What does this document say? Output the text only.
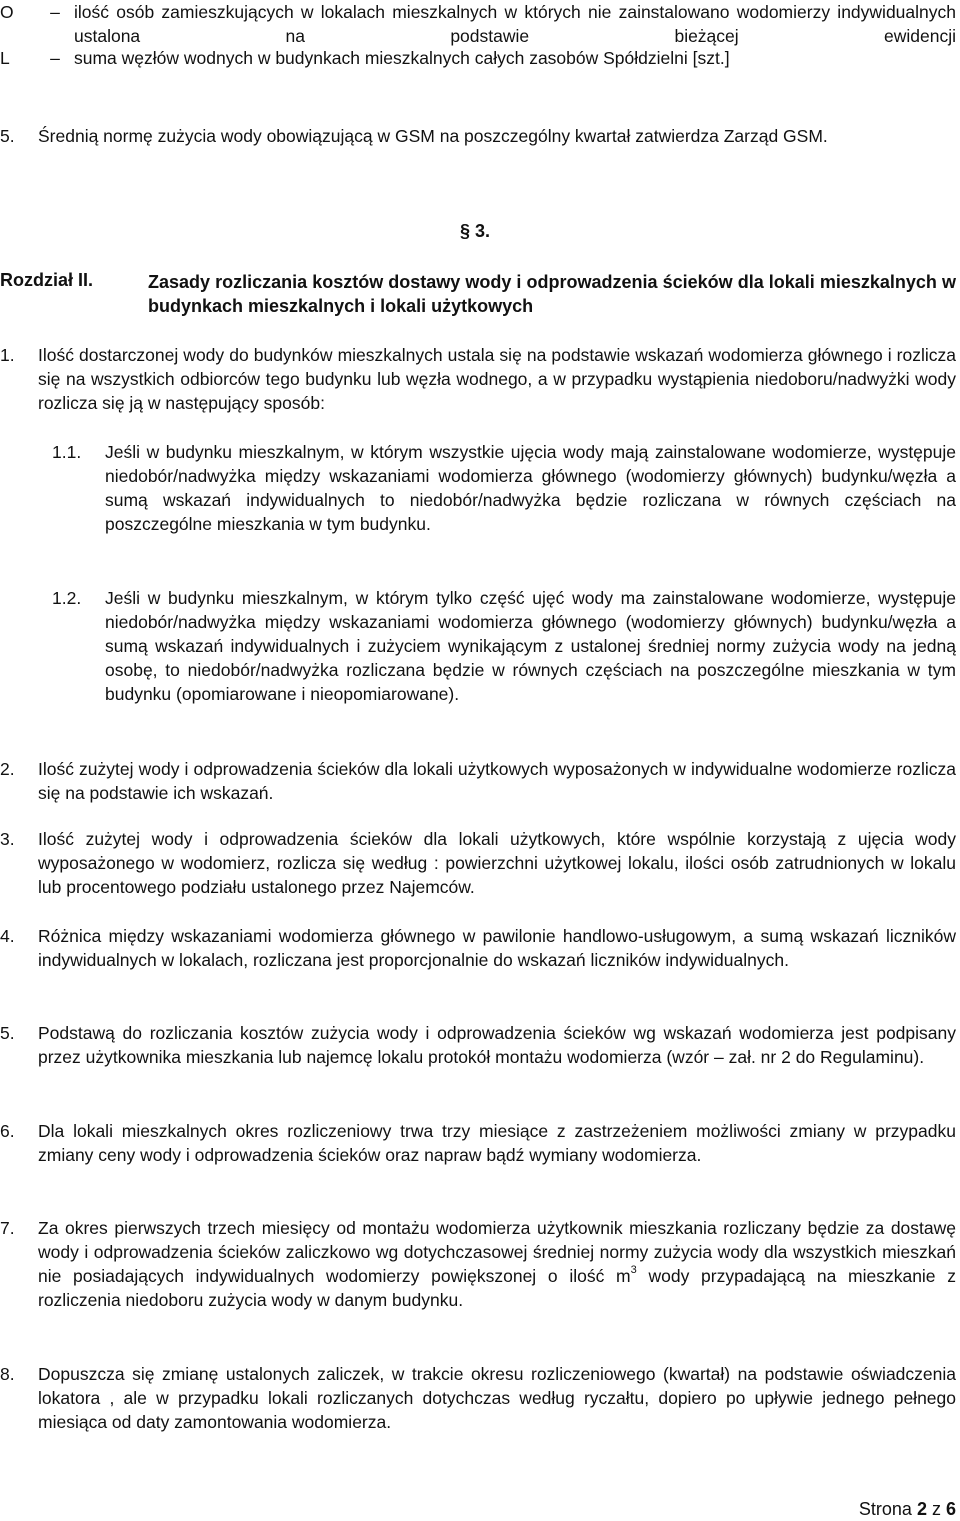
O	– ilość osób zamieszkujących w lokalach mieszkalnych w których nie zainstalowano wodomierzy indywidualnych ustalona na podstawie bieżącej ewidencji
L	– suma węzłów wodnych w budynkach mieszkalnych całych zasobów Spółdzielni [szt.]
5.	Średnią normę zużycia wody obowiązującą w GSM na poszczególny kwartał zatwierdza Zarząd GSM.
§ 3.
Rozdział II.	Zasady rozliczania kosztów dostawy wody i odprowadzenia ścieków dla lokali mieszkalnych w budynkach mieszkalnych i lokali użytkowych
1.	Ilość dostarczonej wody do budynków mieszkalnych ustala się na podstawie wskazań wodomierza głównego i rozlicza się na wszystkich odbiorców tego budynku lub węzła wodnego, a w przypadku wystąpienia niedoboru/nadwyżki wody rozlicza się ją w następujący sposób:
1.1.	Jeśli w budynku mieszkalnym, w którym wszystkie ujęcia wody mają zainstalowane wodomierze, występuje niedobór/nadwyżka między wskazaniami wodomierza głównego (wodomierzy głównych) budynku/węzła a sumą wskazań indywidualnych to niedobór/nadwyżka będzie rozliczana w równych częściach na poszczególne mieszkania w tym budynku.
1.2.	Jeśli w budynku mieszkalnym, w którym tylko część ujęć wody ma zainstalowane wodomierze, występuje niedobór/nadwyżka między wskazaniami wodomierza głównego (wodomierzy głównych) budynku/węzła a sumą wskazań indywidualnych i zużyciem wynikającym z ustalonej średniej normy zużycia wody na jedną osobę, to niedobór/nadwyżka rozliczana będzie w równych częściach na poszczególne mieszkania w tym budynku (opomiarowane i nieopomiarowane).
2.	Ilość zużytej wody i odprowadzenia ścieków dla lokali użytkowych wyposażonych w indywidualne wodomierze rozlicza się na podstawie ich wskazań.
3.	Ilość zużytej wody i odprowadzenia ścieków dla lokali użytkowych, które wspólnie korzystają z ujęcia wody wyposażonego w wodomierz, rozlicza się według : powierzchni użytkowej lokalu, ilości osób zatrudnionych w lokalu lub procentowego podziału ustalonego przez Najemców.
4.	Różnica między wskazaniami wodomierza głównego w pawilonie handlowo-usługowym, a sumą wskazań liczników indywidualnych w lokalach, rozliczana jest proporcjonalnie do wskazań liczników indywidualnych.
5.	Podstawą do rozliczania kosztów zużycia wody i odprowadzenia ścieków wg wskazań wodomierza jest podpisany przez użytkownika mieszkania lub najemcę lokalu protokół montażu wodomierza (wzór – zał. nr 2 do Regulaminu).
6.	Dla lokali mieszkalnych okres rozliczeniowy trwa trzy miesiące z zastrzeżeniem możliwości zmiany w przypadku zmiany ceny wody i odprowadzenia ścieków oraz napraw bądź wymiany wodomierza.
7.	Za okres pierwszych trzech miesięcy od montażu wodomierza użytkownik mieszkania rozliczany będzie za dostawę wody i odprowadzenia ścieków zaliczkowo wg dotychczasowej średniej normy zużycia wody dla wszystkich mieszkań nie posiadających indywidualnych wodomierzy powiększonej o ilość $m^3$ wody przypadającą na mieszkanie z rozliczenia niedoboru zużycia wody w danym budynku.
8.	Dopuszcza się zmianę ustalonych zaliczek, w trakcie okresu rozliczeniowego (kwartał) na podstawie oświadczenia lokatora , ale w przypadku lokali rozliczanych dotychczas według ryczałtu, dopiero po upływie jednego pełnego miesiąca od daty zamontowania wodomierza.
Strona 2 z 6
